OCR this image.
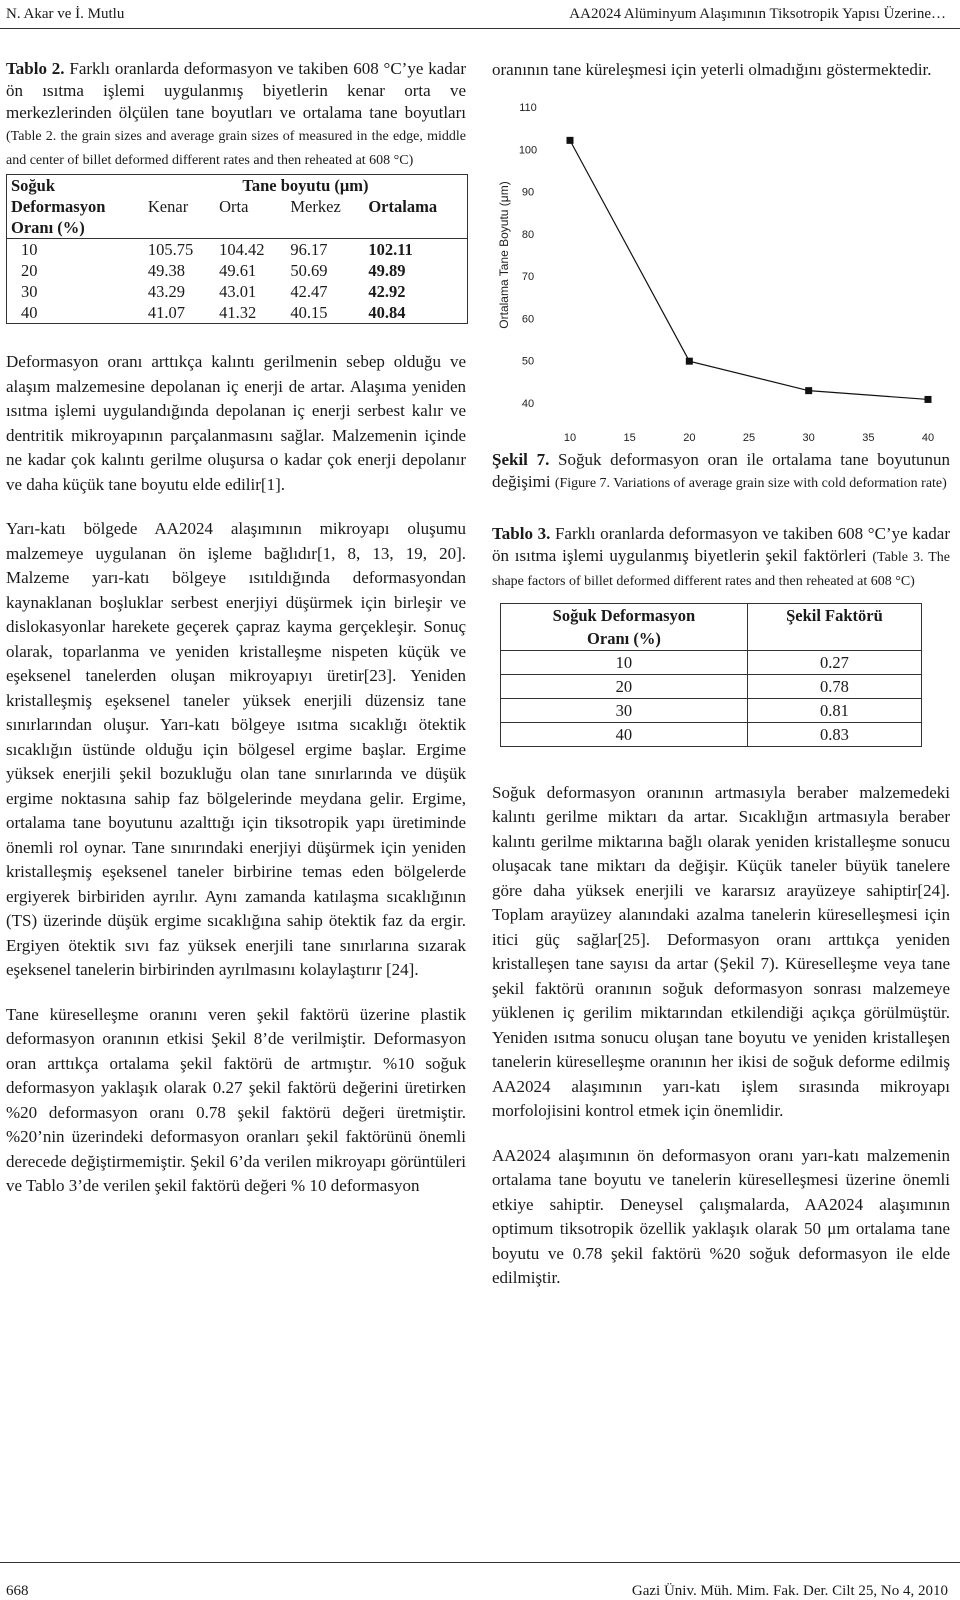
N. Akar ve İ. Mutlu	AA2024 Alüminyum Alaşımının Tiksotropik Yapısı Üzerine…

Tablo 2. Farklı oranlarda deformasyon ve takiben 608 °C’ye kadar ön ısıtma işlemi uygulanmış biyetlerin kenar orta ve merkezlerinden ölçülen tane boyutları ve ortalama tane boyutları (Table 2. the grain sizes and average grain sizes of measured in the edge, middle and center of billet deformed different rates and then reheated at 608 °C)

Soğuk	Tane boyutu (μm)			
Deformasyon	Kenar	Orta	Merkez	Ortalama
Oranı (%)				
10	105.75	104.42	96.17	102.11
20	49.38	49.61	50.69	49.89
30	43.29	43.01	42.47	42.92
40	41.07	41.32	40.15	40.84

Deformasyon oranı arttıkça kalıntı gerilmenin sebep olduğu ve alaşım malzemesine depolanan iç enerji de artar. Alaşıma yeniden ısıtma işlemi uygulandığında depolanan iç enerji serbest kalır ve dentritik mikroyapının parçalanmasını sağlar. Malzemenin içinde ne kadar çok kalıntı gerilme oluşursa o kadar çok enerji depolanır ve daha küçük tane boyutu elde edilir[1].

Yarı-katı bölgede AA2024 alaşımının mikroyapı oluşumu malzemeye uygulanan ön işleme bağlıdır[1, 8, 13, 19, 20]. Malzeme yarı-katı bölgeye ısıtıldığında deformasyondan kaynaklanan boşluklar serbest enerjiyi düşürmek için birleşir ve dislokasyonlar harekete geçerek çapraz kayma gerçekleşir. Sonuç olarak, toparlanma ve yeniden kristalleşme nispeten küçük ve eşeksenel tanelerden oluşan mikroyapıyı üretir[23]. Yeniden kristalleşmiş eşeksenel taneler yüksek enerjili düzensiz tane sınırlarından oluşur. Yarı-katı bölgeye ısıtma sıcaklığı ötektik sıcaklığın üstünde olduğu için bölgesel ergime başlar. Ergime yüksek enerjili şekil bozukluğu olan tane sınırlarında ve düşük ergime noktasına sahip faz bölgelerinde meydana gelir. Ergime, ortalama tane boyutunu azalttığı için tiksotropik yapı üretiminde önemli rol oynar. Tane sınırındaki enerjiyi düşürmek için yeniden kristalleşmiş eşeksenel taneler birbirine temas eden bölgelerde ergiyerek birbiriden ayrılır. Aynı zamanda katılaşma sıcaklığının (TS) üzerinde düşük ergime sıcaklığına sahip ötektik faz da ergir. Ergiyen ötektik sıvı faz yüksek enerjili tane sınırlarına sızarak eşeksenel tanelerin birbirinden ayrılmasını kolaylaştırır [24].

Tane küreselleşme oranını veren şekil faktörü üzerine plastik deformasyon oranının etkisi Şekil 8’de verilmiştir. Deformasyon oran arttıkça ortalama şekil faktörü de artmıştır. %10 soğuk deformasyon yaklaşık olarak 0.27 şekil faktörü değerini üretirken %20 deformasyon oranı 0.78 şekil faktörü değeri üretmiştir. %20’nin üzerindeki deformasyon oranları şekil faktörünü önemli derecede değiştirmemiştir. Şekil 6’da verilen mikroyapı görüntüleri ve Tablo 3’de verilen şekil faktörü değeri % 10 deformasyon

oranının tane küreleşmesi için yeterli olmadığını göstermektedir.

40
50
60
70
80
90
100
110
10	15	20	25	30	35	40
Ortalama Tane Boyutu (μm)

Şekil 7. Soğuk deformasyon oran ile ortalama tane boyutunun değişimi (Figure 7. Variations of average grain size with cold deformation rate)

Tablo 3. Farklı oranlarda deformasyon ve takiben 608 °C’ye kadar ön ısıtma işlemi uygulanmış biyetlerin şekil faktörleri (Table 3. The shape factors of billet deformed different rates and then reheated at 608 °C)

Soğuk Deformasyon	Şekil Faktörü
Oranı (%)	
10	0.27
20	0.78
30	0.81
40	0.83

Soğuk deformasyon oranının artmasıyla beraber malzemedeki kalıntı gerilme miktarı da artar. Sıcaklığın artmasıyla beraber kalıntı gerilme miktarına bağlı olarak yeniden kristalleşme sonucu oluşacak tane miktarı da değişir. Küçük taneler büyük tanelere göre daha yüksek enerjili ve kararsız arayüzeye sahiptir[24]. Toplam arayüzey alanındaki azalma tanelerin küreselleşmesi için itici güç sağlar[25]. Deformasyon oranı arttıkça yeniden kristalleşen tane sayısı da artar (Şekil 7). Küreselleşme veya tane şekil faktörü oranının soğuk deformasyon sonrası malzemeye yüklenen iç gerilim miktarından etkilendiği açıkça görülmüştür. Yeniden ısıtma sonucu oluşan tane boyutu ve yeniden kristalleşen tanelerin küreselleşme oranının her ikisi de soğuk deforme edilmiş AA2024 alaşımının yarı-katı işlem sırasında mikroyapı morfolojisini kontrol etmek için önemlidir.

AA2024 alaşımının ön deformasyon oranı yarı-katı malzemenin ortalama tane boyutu ve tanelerin küreselleşmesi üzerine önemli etkiye sahiptir. Deneysel çalışmalarda, AA2024 alaşımının optimum tiksotropik özellik yaklaşık olarak 50 μm ortalama tane boyutu ve 0.78 şekil faktörü %20 soğuk deformasyon ile elde edilmiştir.

668	Gazi Üniv. Müh. Mim. Fak. Der. Cilt 25, No 4, 2010
